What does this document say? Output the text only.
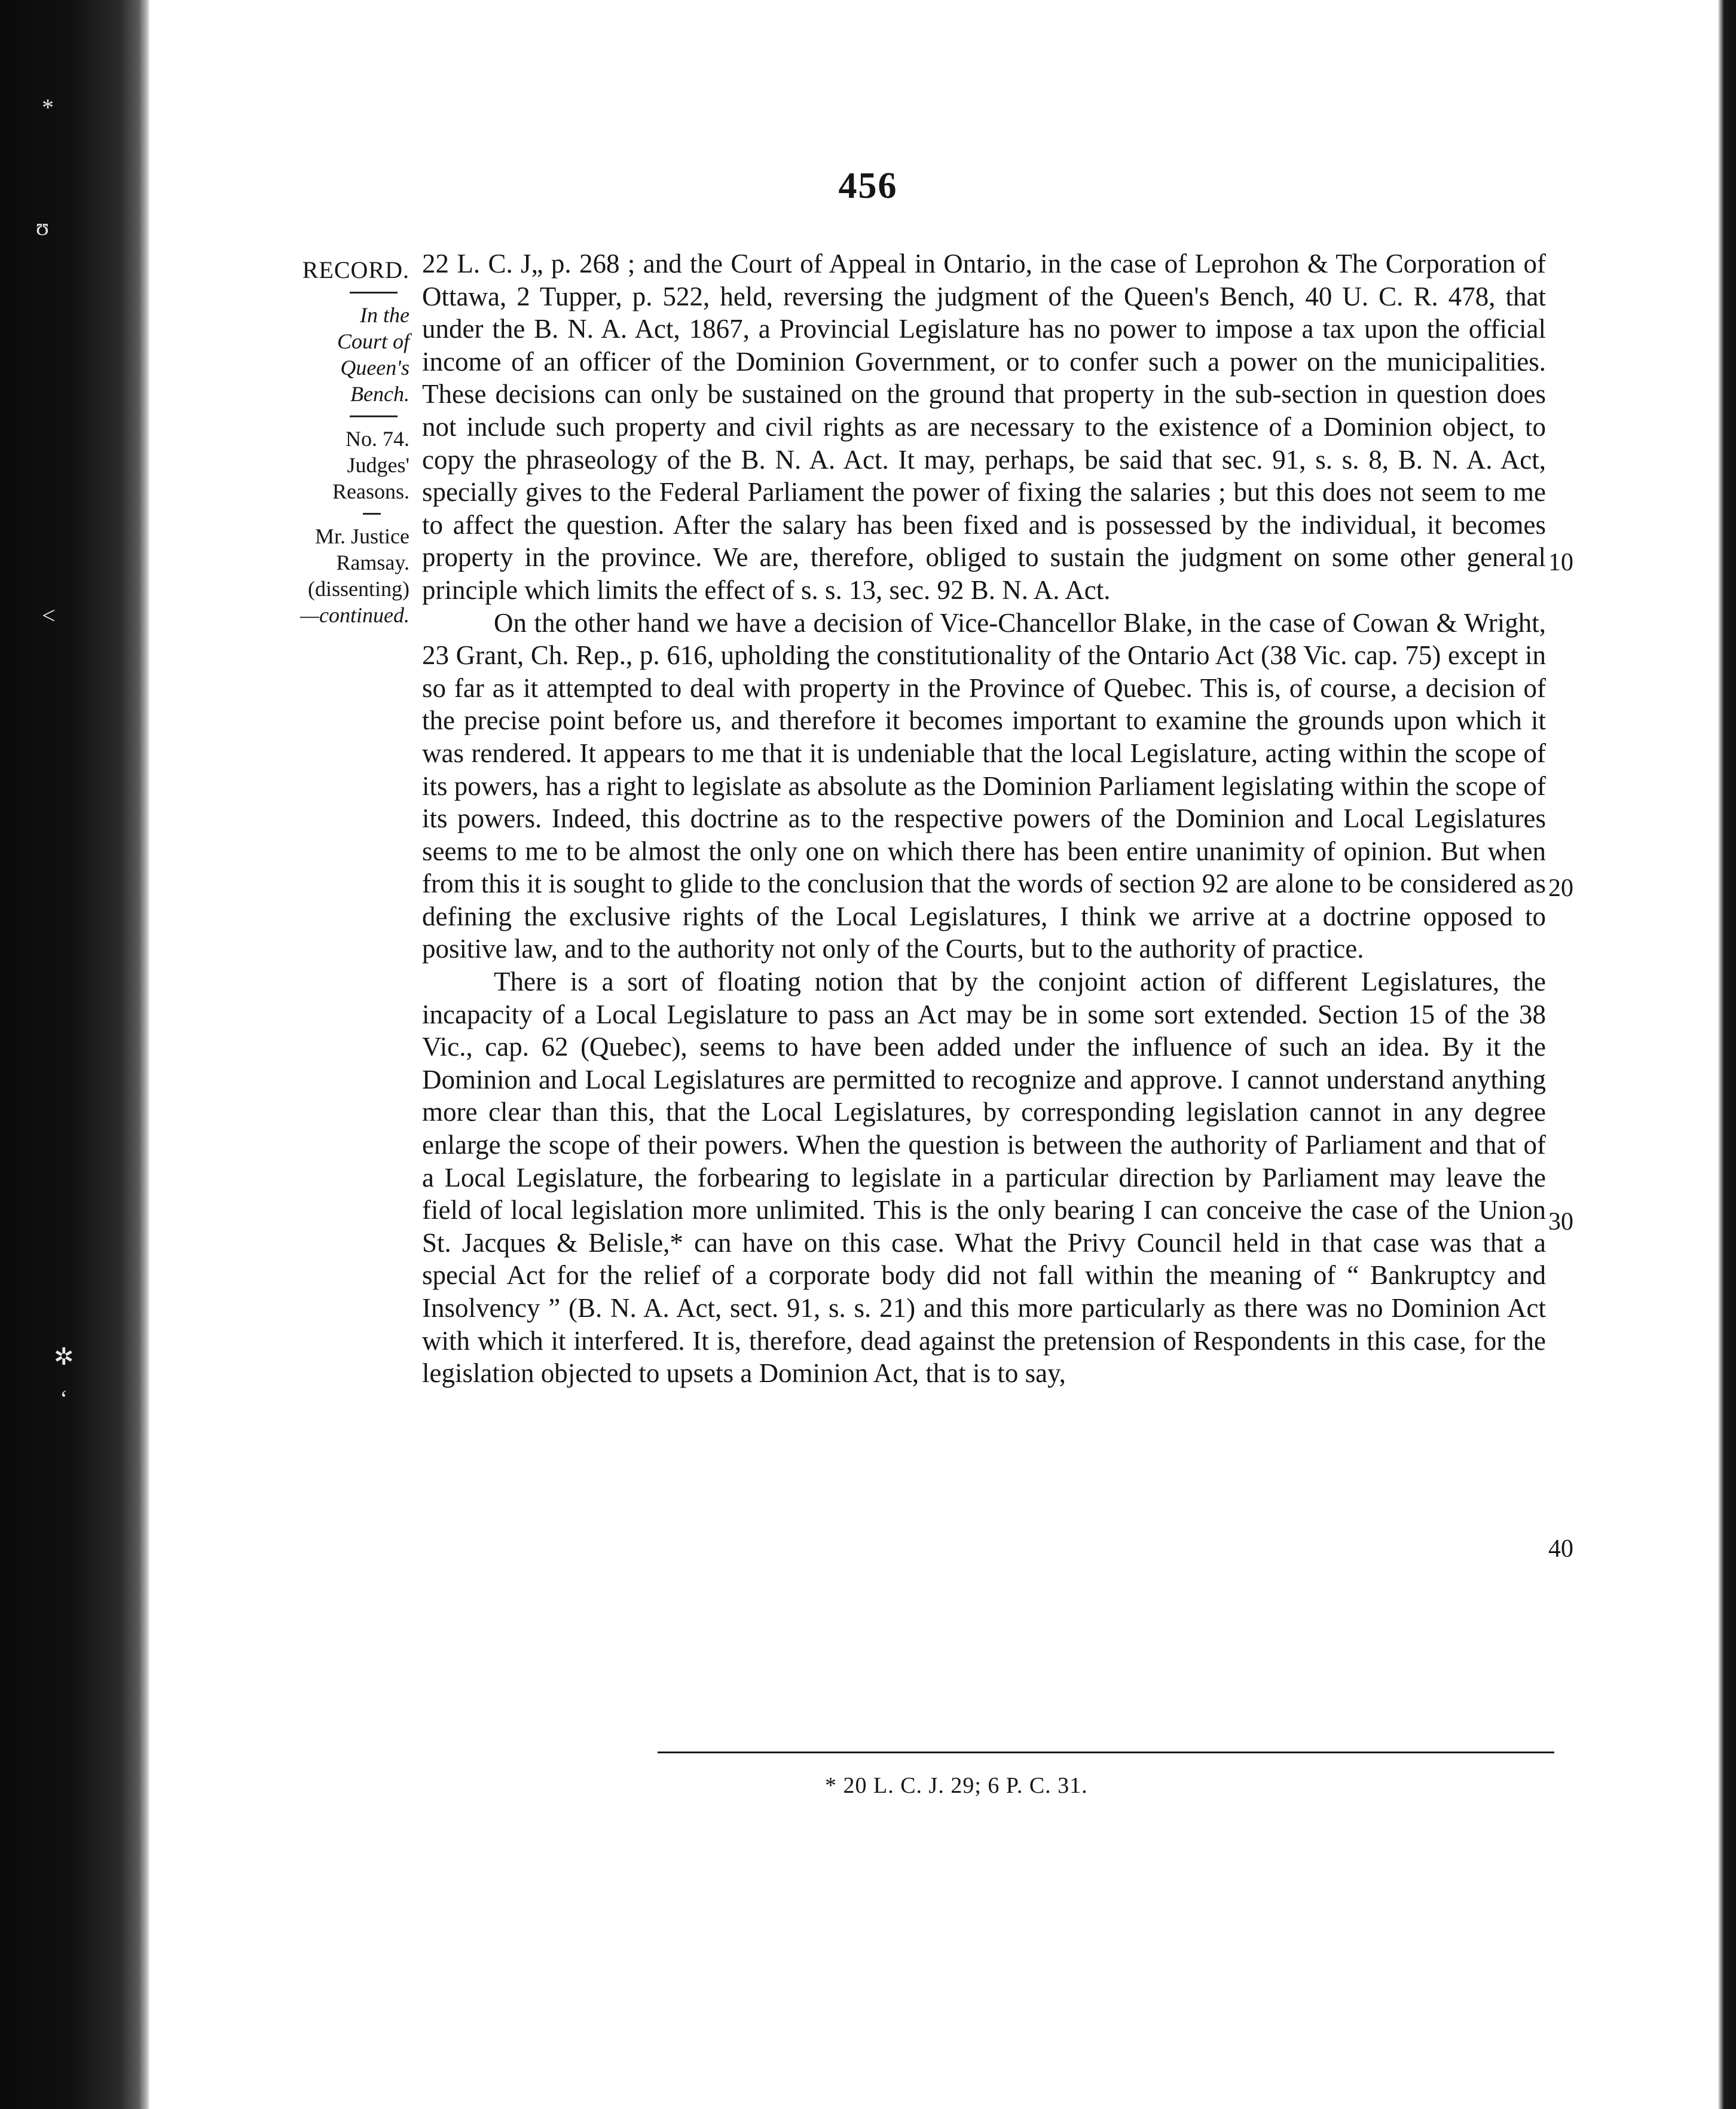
*
ʊ
<
✲
ʻ
456
RECORD.
In the
Court of
Queen's
Bench.
No. 74.
Judges'
Reasons.
Mr. Justice
Ramsay.
(dissenting)
—continued.

22 L. C. J„ p. 268 ; and the Court of Appeal in Ontario, in the case of Leprohon & The Corporation of Ottawa, 2 Tupper, p. 522, held, reversing the judgment of the Queen's Bench, 40 U. C. R. 478, that under the B. N. A. Act, 1867, a Provincial Legislature has no power to impose a tax upon the official income of an officer of the Dominion Government, or to confer such a power on the municipalities. These decisions can only be sustained on the ground that property in the sub-section in question does not include such property and civil rights as are necessary to the existence of a Dominion object, to copy the phraseology of the B. N. A. Act. It may, perhaps, be said that sec. 91, s. s. 8, B. N. A. Act, specially gives to the Federal Parliament the power of fixing the salaries ; but this does not seem to me to affect the question. After the salary has been fixed and is possessed by the individual, it becomes property in the province. We are, therefore, obliged to sustain the judgment on some other general principle which limits the effect of s. s. 13, sec. 92 B. N. A. Act.

On the other hand we have a decision of Vice-Chancellor Blake, in the case of Cowan & Wright, 23 Grant, Ch. Rep., p. 616, upholding the constitutionality of the Ontario Act (38 Vic. cap. 75) except in so far as it attempted to deal with property in the Province of Quebec. This is, of course, a decision of the precise point before us, and therefore it becomes important to examine the grounds upon which it was rendered. It appears to me that it is undeniable that the local Legislature, acting within the scope of its powers, has a right to legislate as absolute as the Dominion Parliament legislating within the scope of its powers. Indeed, this doctrine as to the respective powers of the Dominion and Local Legislatures seems to me to be almost the only one on which there has been entire unanimity of opinion. But when from this it is sought to glide to the conclusion that the words of section 92 are alone to be considered as defining the exclusive rights of the Local Legislatures, I think we arrive at a doctrine opposed to positive law, and to the authority not only of the Courts, but to the authority of practice.

There is a sort of floating notion that by the conjoint action of different Legislatures, the incapacity of a Local Legislature to pass an Act may be in some sort extended. Section 15 of the 38 Vic., cap. 62 (Quebec), seems to have been added under the influence of such an idea. By it the Dominion and Local Legislatures are permitted to recognize and approve. I cannot understand anything more clear than this, that the Local Legislatures, by corresponding legislation cannot in any degree enlarge the scope of their powers. When the question is between the authority of Parliament and that of a Local Legislature, the forbearing to legislate in a particular direction by Parliament may leave the field of local legislation more unlimited. This is the only bearing I can conceive the case of the Union St. Jacques & Belisle,* can have on this case. What the Privy Council held in that case was that a special Act for the relief of a corporate body did not fall within the meaning of “ Bankruptcy and Insolvency ” (B. N. A. Act, sect. 91, s. s. 21) and this more particularly as there was no Dominion Act with which it interfered. It is, therefore, dead against the pretension of Respondents in this case, for the legislation objected to upsets a Dominion Act, that is to say,

10
20
30
40
* 20 L. C. J. 29; 6 P. C. 31.
